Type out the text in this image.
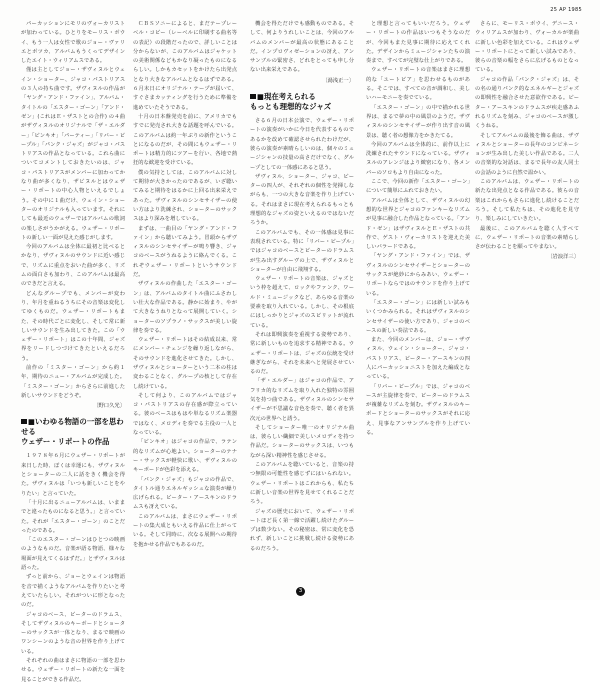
25 AP 1985

パーカッションにモリのヴォーカリストが加わっている。ひとりをモーリス・ボウイ、もう一人は女性で歌のジョー・ヴァリエとボツカ、アルバムもうくってデザインしたエイト・ウィリアムスである。

僅は主としてジョー・ザヴィヌルとウェイン・ショーター、ジャコ・パストリアスの３人の持ち曲です。ザヴィヌルの作品が「ヤング・アンド・ファイン」、アルバム・タイトルの「エスター・ゴーン」「アンド・ゼン」(これはＥ・ザストとの合作) の４曲がザヴィヌルのオリジナルで「ザ・エルダー」「ピンキオ」「パーティー」「リバー・ピープル」「パンク・ジャズ」がジャコ・パストリアスの作品となっている。これら曲についてコメントしておきたいのは、ジャコ・パストリアスがメンバーに加わってかなり曲が多くなり、ザビヌルとはウェザー・リポートの中心人物といえるでしょう。その中に１曲だけ、ウェイン・ショーターのオリジナルも入っています。それにしても最近のウェザーではアルバムの歌詞の楽しさがうかがえる。ウェザー・リポートの新しい一面が見えた感じがします。

今回のアルバムは全体に最初と比べるとかなり、ザヴィヌルのサウンドに近い感じで、リズムに重点をおいた曲が多く、リズムの面白さも加わり、このアルバムは最高のできだと言える。

どんなグループでも、メンバーが変わり、年月を重ねるうちにその音楽は変化してゆくものだ。ウェザー・リポートもまた、その時代ごとに変化し、そして常に新しいサウンドを生み出してきた。この「ウェザー・リポート」はこの十年間、ジャズ界をリードしつづけてきたといえるだろう。

前作の「ミスター・ゴーン」から約１年、期待のニュー・アルバムが完成した。「ミスター・ゴーン」からさらに前進した新しいサウンドをどうぞ。

〔野口久光〕
■いわゆる物語の一部を思わせる
ウェザー・リポートの作品

１９７８年６月にウェザー・リポートが来日した時、ぼくは幸運にも、ザヴィヌルとショーターの二人に話をきく機会を得た。ザヴィヌルは「いつも新しいことをやりたい」と言っていた。

「十月に出るニューアルバムは、いままでと違ったものになると思う。」と言っていた。それが「エスター・ゴーン」のことだったのである。

「このエスター・ゴーンはひとつの映画のようなものだ。音楽が語る物語、様々な場面が見えてくるはずだ。」とザヴィヌルは語った。

ずっと前から、ジョーとウェインは物語を音で描くようなアルバムを作りたいと考えていたらしい。それがついに形となったのだ。

ジャコのベース、ピーターのドラムス、そしてザヴィヌルのキーボードとショーターのサックスが一体となり、まるで映画のワンシーンのような音の世界を作り上げている。

それぞれの曲はまさに物語の一部を思わせる。ウェザー・リポートの新たな一面を見ることができる作品だ。

ＣＢＳソニーによると、まだテープレーベル・コピー（レーベルに印刷する曲名等の表記）の段階だったので、詳しいことは分からないが、このアルバムはジャケットの美術関係などもかなり凝ったものになるらしい。しかもカセットをかけたら出発点となり大きなアルバムとなるはずである。６月末日にオリジナル・テープが届いて、すぐさまカッティングを行うために準備を進めていたそうである。

十月の日本盤発売を前に、アメリカでもすでに発売され大きな話題を呼んでいる。このアルバムは約一年ぶりの新作ということになるのだが、その間にもウェザー・リポートは精力的にツアーを行い、各地で熱狂的な歓迎を受けている。

僕の気持としては、このアルバムに対して期待が大きかったのであるが、いざ聴いてみると期待をはるかに上回る出来栄えであった。ザヴィヌルのシンセサイザーの使い方はより洗練され、ショーターのサックスはより深みを増している。

まずは、一曲目の「ヤング・アンド・ファイン」から聴いてみよう。冒頭からザヴィヌルのシンセサイザーが鳴り響き、ジャコのベースがうねるように絡んでくる。これぞウェザー・リポートというサウンドだ。

ザヴィヌルの作曲した「エスター・ゴーン」は、アルバムのタイトル曲にふさわしい壮大な作品である。静かに始まり、やがて大きなうねりとなって展開していく。ショーターのソプラノ・サックスが美しい旋律を奏でる。

ウェザー・リポートはその結成以来、常にメンバー・チェンジを繰り返しながら、そのサウンドを進化させてきた。しかし、ザヴィヌルとショーターという二本の柱は変わることなく、グループの核として存在し続けている。

そして何より、このアルバムではジャコ・パストリアスの存在感が際立っている。彼のベースはもはや単なるリズム楽器ではなく、メロディを奏でる主役の一人となっている。

「ピンキオ」はジャコの作品で、ラテン的なリズムが心地よい。ショーターのテナー・サックスが軽快に歌い、ザヴィヌルのキーボードが色彩を添える。

「パンク・ジャズ」もジャコの作品で、タイトル通りエネルギッシュな演奏が繰り広げられる。ピーター・アースキンのドラムスも冴えている。

このアルバムは、まさにウェザー・リポートの集大成ともいえる作品に仕上がっている。そして同時に、次なる展開への期待を抱かせる作品でもあるのだ。

機会を得ただけでも感動ものである。そして、何よりうれしいことは、今回のアルバムのメンバーが最高の状態にあることだ。インプロヴィゼーションの冴え、アンサンブルの緊密さ、どれをとっても申し分ない出来栄えである。

〔湯浅正一〕
■現在考えられる
もっとも理想的なジャズ

さる６月の日本公演で、ウェザー・リポートの演奏がいかに今日を代表するものであるかを改めて確認させられたわけだが、彼らの演奏が素晴らしいのは、個々のミュージシャンの技量の高さだけでなく、グループとしての一体感にあると思う。

ザヴィヌル、ショーター、ジャコ、ピーターの四人が、それぞれの個性を発揮しながらも、一つの大きな音楽を作り上げている。それはまさに現在考えられるもっとも理想的なジャズの姿といえるのではないだろうか。

このアルバムでも、その一体感は見事に表現されている。特に「リバー・ピープル」ではジャコのベースとピーターのドラムスが生み出すグルーヴの上で、ザヴィヌルとショーターが自由に飛翔する。

ウェザー・リポートの音楽は、ジャズという枠を超えて、ロックやファンク、ワールド・ミュージックなど、あらゆる音楽の要素を取り入れている。しかし、その根底にはしっかりとジャズのスピリットが流れている。

それは即興演奏を重視する姿勢であり、常に新しいものを追求する精神である。ウェザー・リポートは、ジャズの伝統を受け継ぎながら、それを未来へと発展させているのだ。

「ザ・エルダー」はジャコの作品で、アフリカ的なリズムを取り入れた独特の雰囲気を持つ曲である。ザヴィヌルのシンセサイザーが不思議な音色を奏で、聴く者を異次元の世界へと誘う。

そしてショーター唯一のオリジナル曲は、彼らしい繊細で美しいメロディを持つ作品だ。ショーターのサックスは、いつもながら深い精神性を感じさせる。

このアルバムを聴いていると、音楽の持つ無限の可能性を感じずにはいられない。ウェザー・リポートはこれからも、私たちに新しい音楽の世界を見せてくれることだろう。

ジャズの歴史において、ウェザー・リポートほど長く第一線で活躍し続けたグループは数少ない。その秘密は、常に変化を恐れず、新しいことに挑戦し続ける姿勢にあるのだろう。

と理想と言ってもいいだろう。ウェザー・リポートの作品はいつもそうなのだが、今回もまた見事に期待に応えてくれた。デザインからミュージシャンたちの演奏まで、すべてが完璧な仕上がりである。

ウェザー・リポートの音楽はまさに理想的な「ユートピア」を思わせるものがある。そこでは、すべての音が調和し、美しいハーモニーを奏でている。

「エスター・ゴーン」の中で描かれる世界は、まるで夢の中の風景のようだ。ザヴィヌルのシンセサイザーが作り出す音の風景は、聴く者の想像力をかきたてる。

今回のアルバムは全体的に、前作以上に洗練されたサウンドになっている。ザヴィヌルのアレンジはより緻密になり、各メンバーのソロもより自由になった。

ここで、今回の新作「エスター・ゴーン」について簡単にふれておきたい。

アルバムは全体として、ザヴィヌルの幻想的な世界とジャコのファンキーなリズムが見事に融合した作品となっている。「アンド・ゼン」はザヴィヌルとＥ・ザストの共作で、ゲスト・ヴォーカリストを迎えた美しいバラードである。

「ヤング・アンド・ファイン」では、ザヴィヌルのシンセサイザーとショーターのサックスが絶妙にからみあい、ウェザー・リポートならではのサウンドを作り上げている。

「エスター・ゴーン」には新しい試みもいくつかみられる。それはザヴィヌルのシンセサイザーの使い方であり、ジャコのベースの新しい奏法である。

また、今回のメンバーは、ジョー・ザヴィヌル、ウェイン・ショーター、ジャコ・パストリアス、ピーター・アースキンの四人にパーカッショニストを加えた編成となっている。

「リバー・ピープル」では、ジャコのベースが主旋律を奏で、ピーターのドラムスが複雑なリズムを刻む。ザヴィヌルのキーボードとショーターのサックスがそれに応え、見事なアンサンブルを作り上げている。

さらに、モーリス・ボウイ、デニース・ウィリアムスが加わり、ヴォーカルが楽曲に新しい色彩を加えている。これはウェザー・リポートにとって新しい試みであり、彼らの音楽の幅をさらに広げるものとなっている。

ジャコの作品「パンク・ジャズ」は、その名の通りパンク的なエネルギーとジャズの即興性を融合させた意欲作である。ピーター・アースキンのドラムスが疾走感あふれるリズムを刻み、ジャコのベースが激しくうねる。

そしてアルバムの最後を飾る曲は、ザヴィヌルとショーターの長年のコンビネーションが生み出した美しい作品である。二人の音楽的な対話は、まるで長年の友人同士の会話のように自然で温かい。

このアルバムは、ウェザー・リポートの新たな出発点となる作品である。彼らの音楽はこれからもさらに進化し続けることだろう。そして私たちは、その進化を見守り、楽しみにしていきたい。

最後に、このアルバムを聴く人すべてに、ウェザー・リポートの音楽の素晴らしさが伝わることを願ってやまない。

〔岩浪洋三〕
3
